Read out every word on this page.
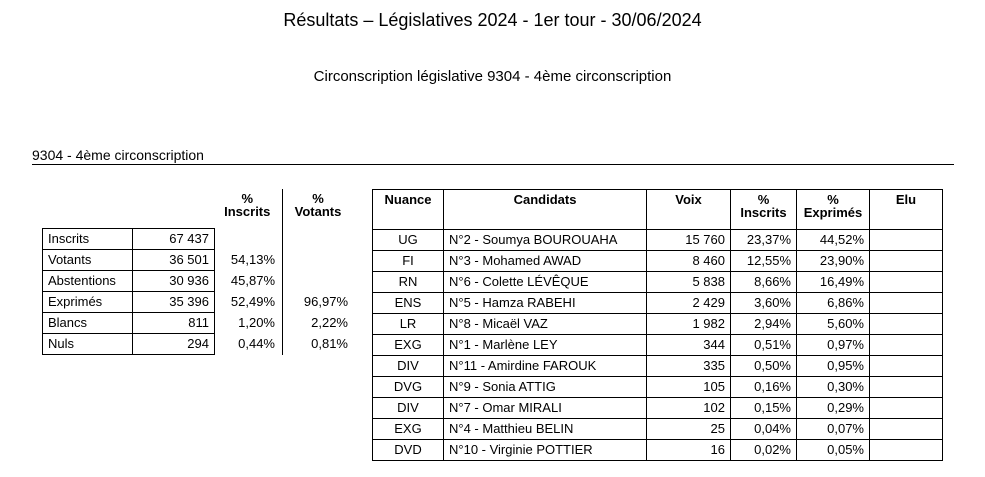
Résultats – Législatives 2024 - 1er tour - 30/06/2024
Circonscription législative 9304 - 4ème circonscription
9304 - 4ème circonscription
		% Inscrits	% Votants
Inscrits	67 437		
Votants	36 501	54,13%	
Abstentions	30 936	45,87%	
Exprimés	35 396	52,49%	96,97%
Blancs	811	1,20%	2,22%
Nuls	294	0,44%	0,81%
Nuance	Candidats	Voix	% Inscrits	% Exprimés	Elu
UG	N°2 - Soumya BOUROUAHA	15 760	23,37%	44,52%	
FI	N°3 - Mohamed AWAD	8 460	12,55%	23,90%	
RN	N°6 - Colette LÉVÊQUE	5 838	8,66%	16,49%	
ENS	N°5 - Hamza RABEHI	2 429	3,60%	6,86%	
LR	N°8 - Micaël VAZ	1 982	2,94%	5,60%	
EXG	N°1 - Marlène LEY	344	0,51%	0,97%	
DIV	N°11 - Amirdine FAROUK	335	0,50%	0,95%	
DVG	N°9 - Sonia ATTIG	105	0,16%	0,30%	
DIV	N°7 - Omar MIRALI	102	0,15%	0,29%	
EXG	N°4 - Matthieu BELIN	25	0,04%	0,07%	
DVD	N°10 - Virginie POTTIER	16	0,02%	0,05%	
